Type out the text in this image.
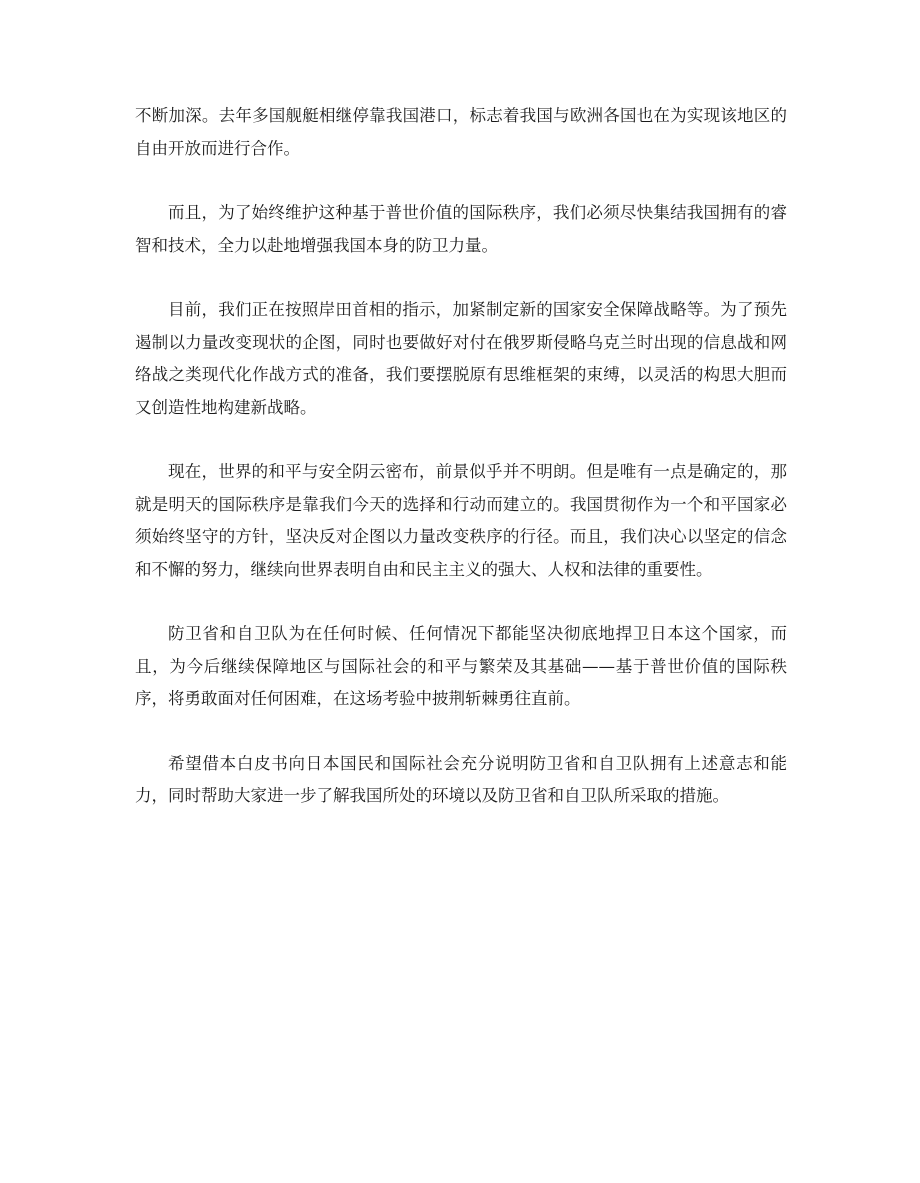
不断加深。去年多国舰艇相继停靠我国港口，标志着我国与欧洲各国也在为实现该地区的自由开放而进行合作。

而且，为了始终维护这种基于普世价值的国际秩序，我们必须尽快集结我国拥有的睿智和技术，全力以赴地增强我国本身的防卫力量。

目前，我们正在按照岸田首相的指示，加紧制定新的国家安全保障战略等。为了预先遏制以力量改变现状的企图，同时也要做好对付在俄罗斯侵略乌克兰时出现的信息战和网络战之类现代化作战方式的准备，我们要摆脱原有思维框架的束缚，以灵活的构思大胆而又创造性地构建新战略。

现在，世界的和平与安全阴云密布，前景似乎并不明朗。但是唯有一点是确定的，那就是明天的国际秩序是靠我们今天的选择和行动而建立的。我国贯彻作为一个和平国家必须始终坚守的方针，坚决反对企图以力量改变秩序的行径。而且，我们决心以坚定的信念和不懈的努力，继续向世界表明自由和民主主义的强大、人权和法律的重要性。

防卫省和自卫队为在任何时候、任何情况下都能坚决彻底地捍卫日本这个国家，而且，为今后继续保障地区与国际社会的和平与繁荣及其基础——基于普世价值的国际秩序，将勇敢面对任何困难，在这场考验中披荆斩棘勇往直前。

希望借本白皮书向日本国民和国际社会充分说明防卫省和自卫队拥有上述意志和能力，同时帮助大家进一步了解我国所处的环境以及防卫省和自卫队所采取的措施。
